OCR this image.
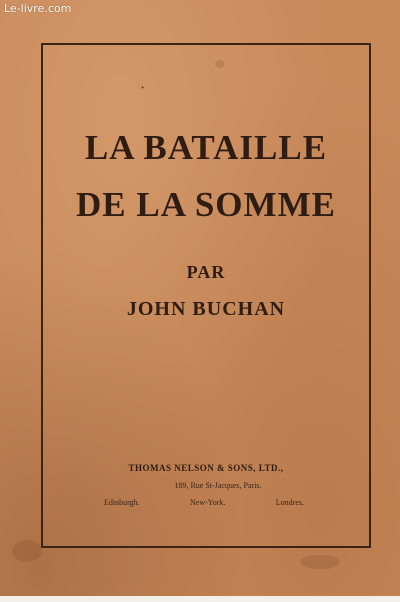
Le-livre.com
ꞏ
LA BATAILLE
DE LA SOMME
PAR
JOHN BUCHAN
THOMAS NELSON & SONS, LTD.,
189, Rue St-Jacques, Paris.
Edinburgh.	New-York.	Londres.
